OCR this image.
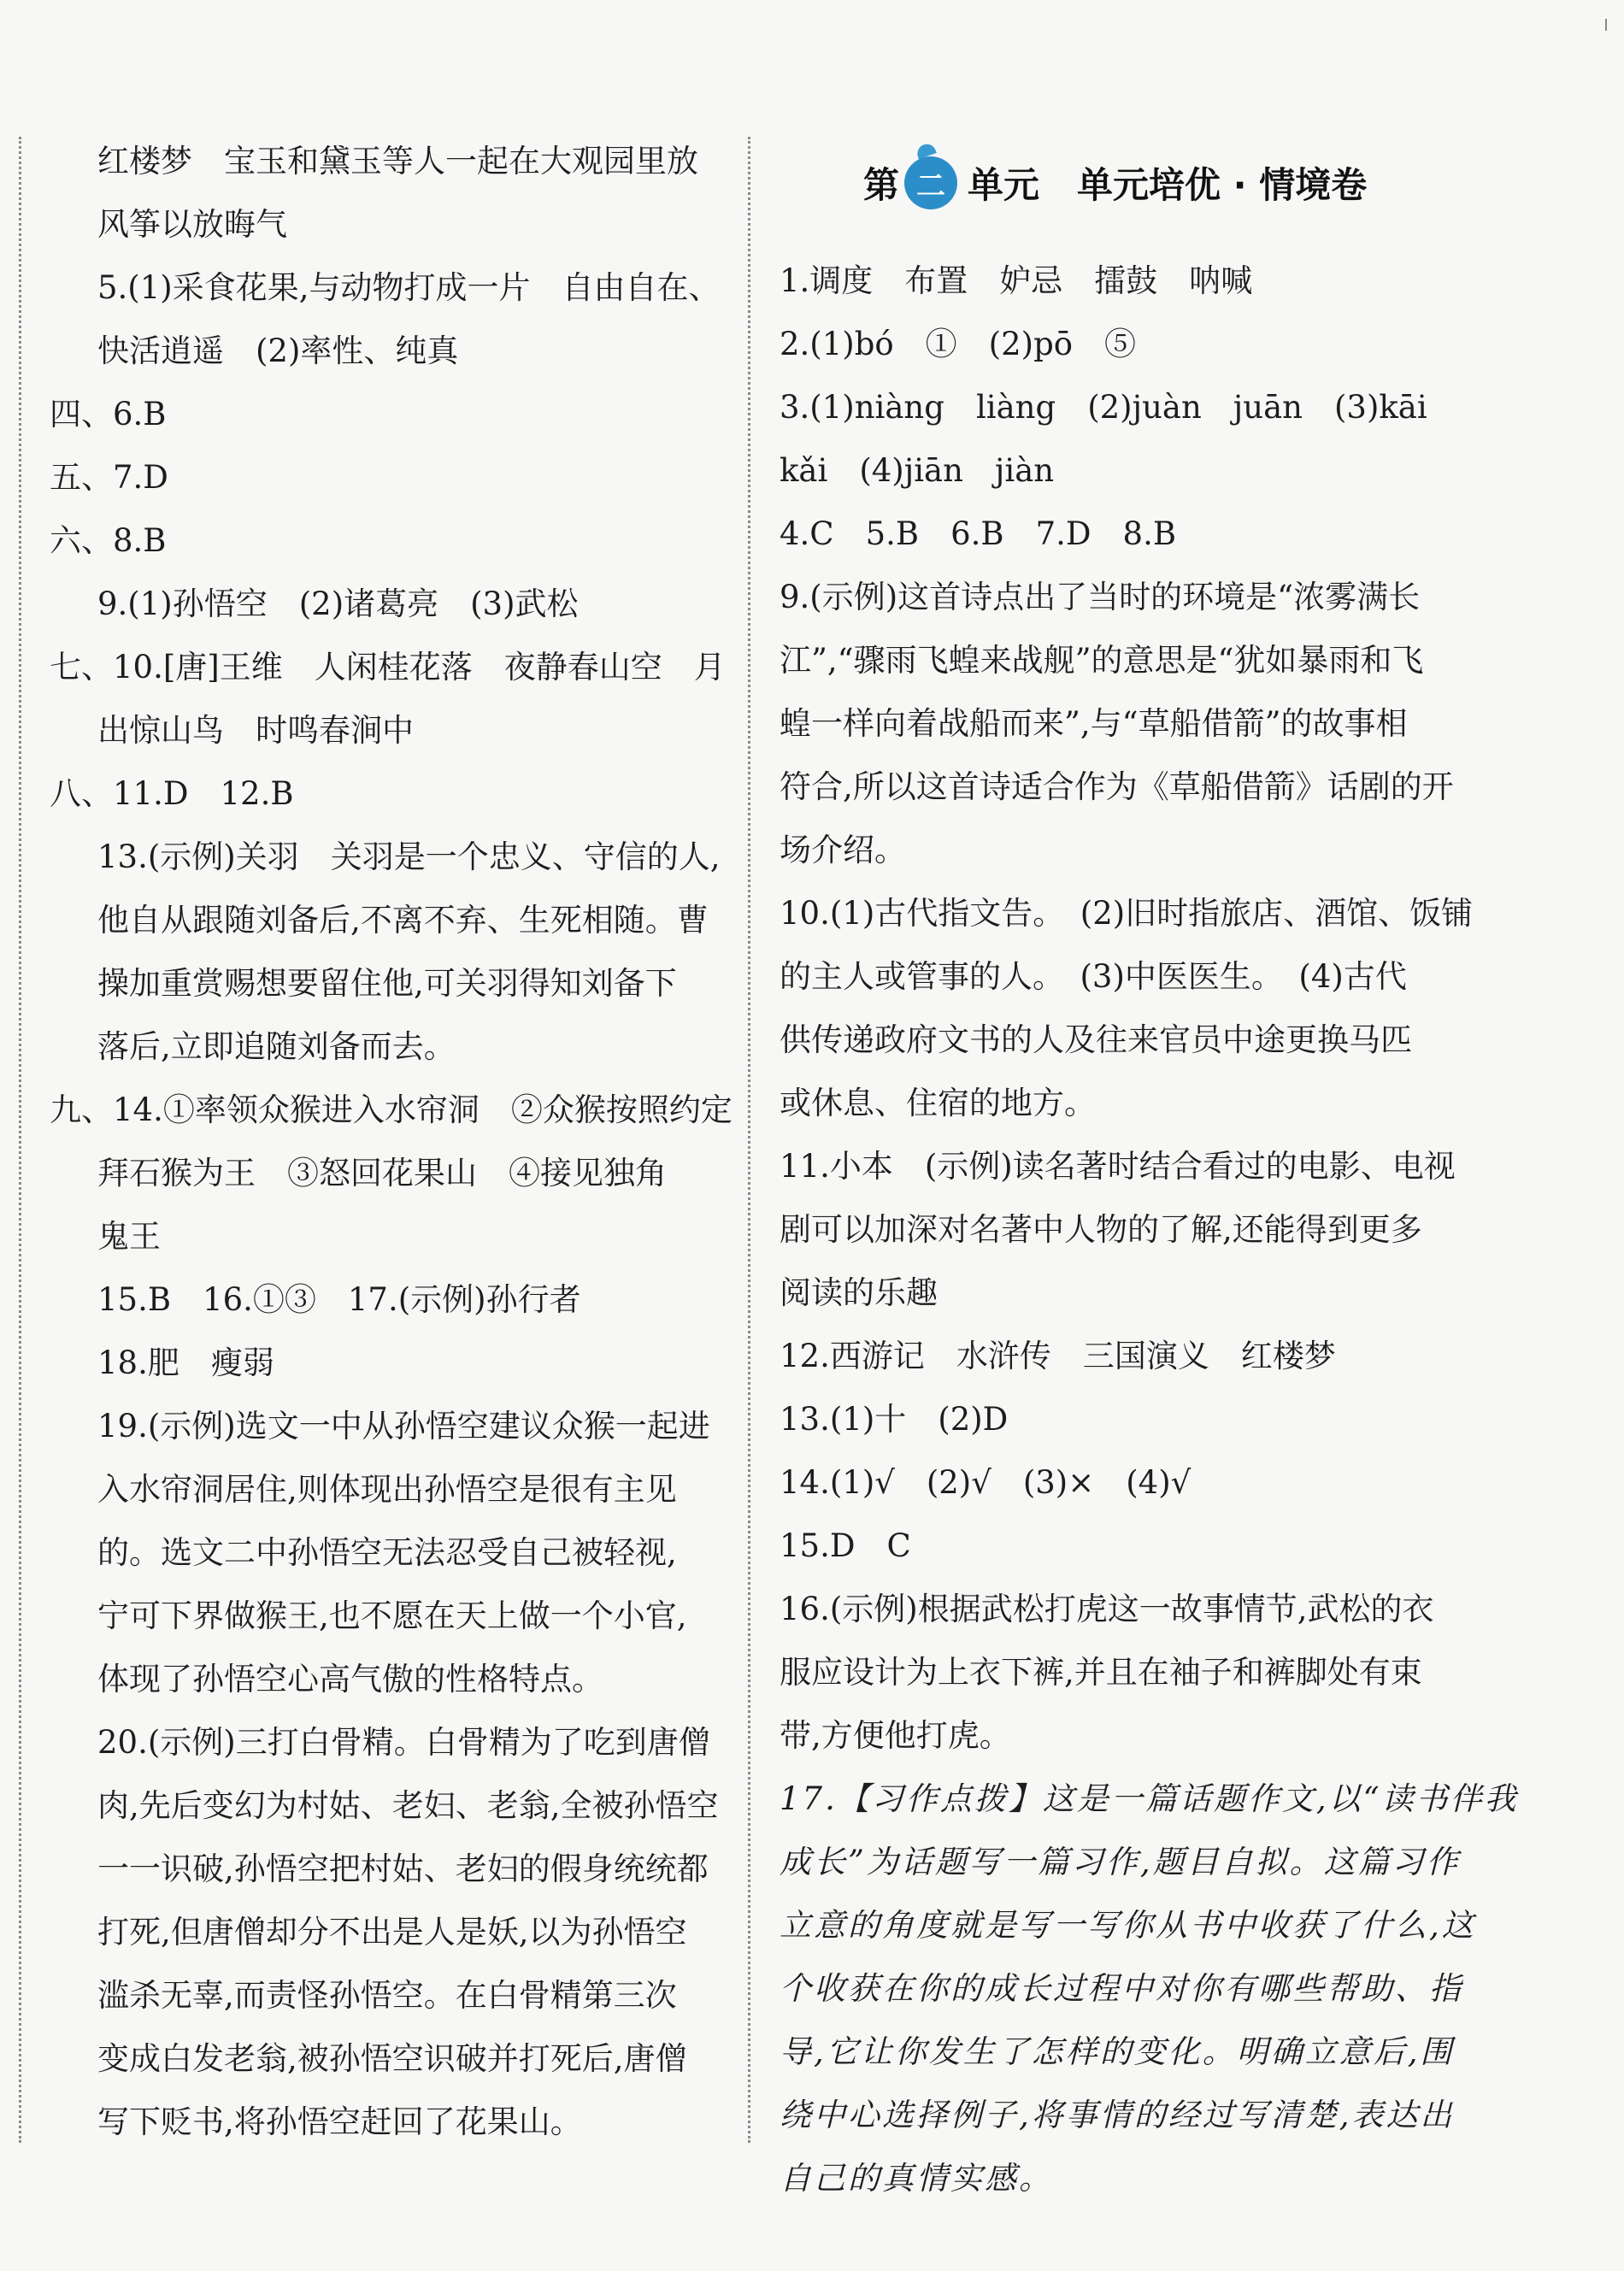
第 二 单元 单元培优 · 情境卷
红楼梦　宝玉和黛玉等人一起在大观园里放
风筝以放晦气
5.(1)采食花果,与动物打成一片　自由自在、
快活逍遥　(2)率性、纯真
四、6.B
五、7.D
六、8.B
9.(1)孙悟空　(2)诸葛亮　(3)武松
七、10.[唐]王维　人闲桂花落　夜静春山空　月
出惊山鸟　时鸣春涧中
八、11.D　12.B
13.(示例)关羽　关羽是一个忠义、守信的人,
他自从跟随刘备后,不离不弃、生死相随。曹
操加重赏赐想要留住他,可关羽得知刘备下
落后,立即追随刘备而去。
九、14.①率领众猴进入水帘洞　②众猴按照约定
拜石猴为王　③怒回花果山　④接见独角
鬼王
15.B　16.①③　17.(示例)孙行者
18.肥　瘦弱
19.(示例)选文一中从孙悟空建议众猴一起进
入水帘洞居住,则体现出孙悟空是很有主见
的。选文二中孙悟空无法忍受自己被轻视,
宁可下界做猴王,也不愿在天上做一个小官,
体现了孙悟空心高气傲的性格特点。
20.(示例)三打白骨精。白骨精为了吃到唐僧
肉,先后变幻为村姑、老妇、老翁,全被孙悟空
一一识破,孙悟空把村姑、老妇的假身统统都
打死,但唐僧却分不出是人是妖,以为孙悟空
滥杀无辜,而责怪孙悟空。在白骨精第三次
变成白发老翁,被孙悟空识破并打死后,唐僧
写下贬书,将孙悟空赶回了花果山。
1.调度　布置　妒忌　擂鼓　呐喊
2.(1)bó　①　(2)pō　⑤
3.(1)niàng　liàng　(2)juàn　juān　(3)kāi
kǎi　(4)jiān　jiàn
4.C　5.B　6.B　7.D　8.B
9.(示例)这首诗点出了当时的环境是“浓雾满长
江”,“骤雨飞蝗来战舰”的意思是“犹如暴雨和飞
蝗一样向着战船而来”,与“草船借箭”的故事相
符合,所以这首诗适合作为《草船借箭》话剧的开
场介绍。
10.(1)古代指文告。　(2)旧时指旅店、酒馆、饭铺
的主人或管事的人。　(3)中医医生。　(4)古代
供传递政府文书的人及往来官员中途更换马匹
或休息、住宿的地方。
11.小本　(示例)读名著时结合看过的电影、电视
剧可以加深对名著中人物的了解,还能得到更多
阅读的乐趣
12.西游记　水浒传　三国演义　红楼梦
13.(1)十　(2)D
14.(1)√　(2)√　(3)×　(4)√
15.D　C
16.(示例)根据武松打虎这一故事情节,武松的衣
服应设计为上衣下裤,并且在袖子和裤脚处有束
带,方便他打虎。
17.【习作点拨】这是一篇话题作文,以“读书伴我
成长”为话题写一篇习作,题目自拟。这篇习作
立意的角度就是写一写你从书中收获了什么,这
个收获在你的成长过程中对你有哪些帮助、指
导,它让你发生了怎样的变化。明确立意后,围
绕中心选择例子,将事情的经过写清楚,表达出
自己的真情实感。
